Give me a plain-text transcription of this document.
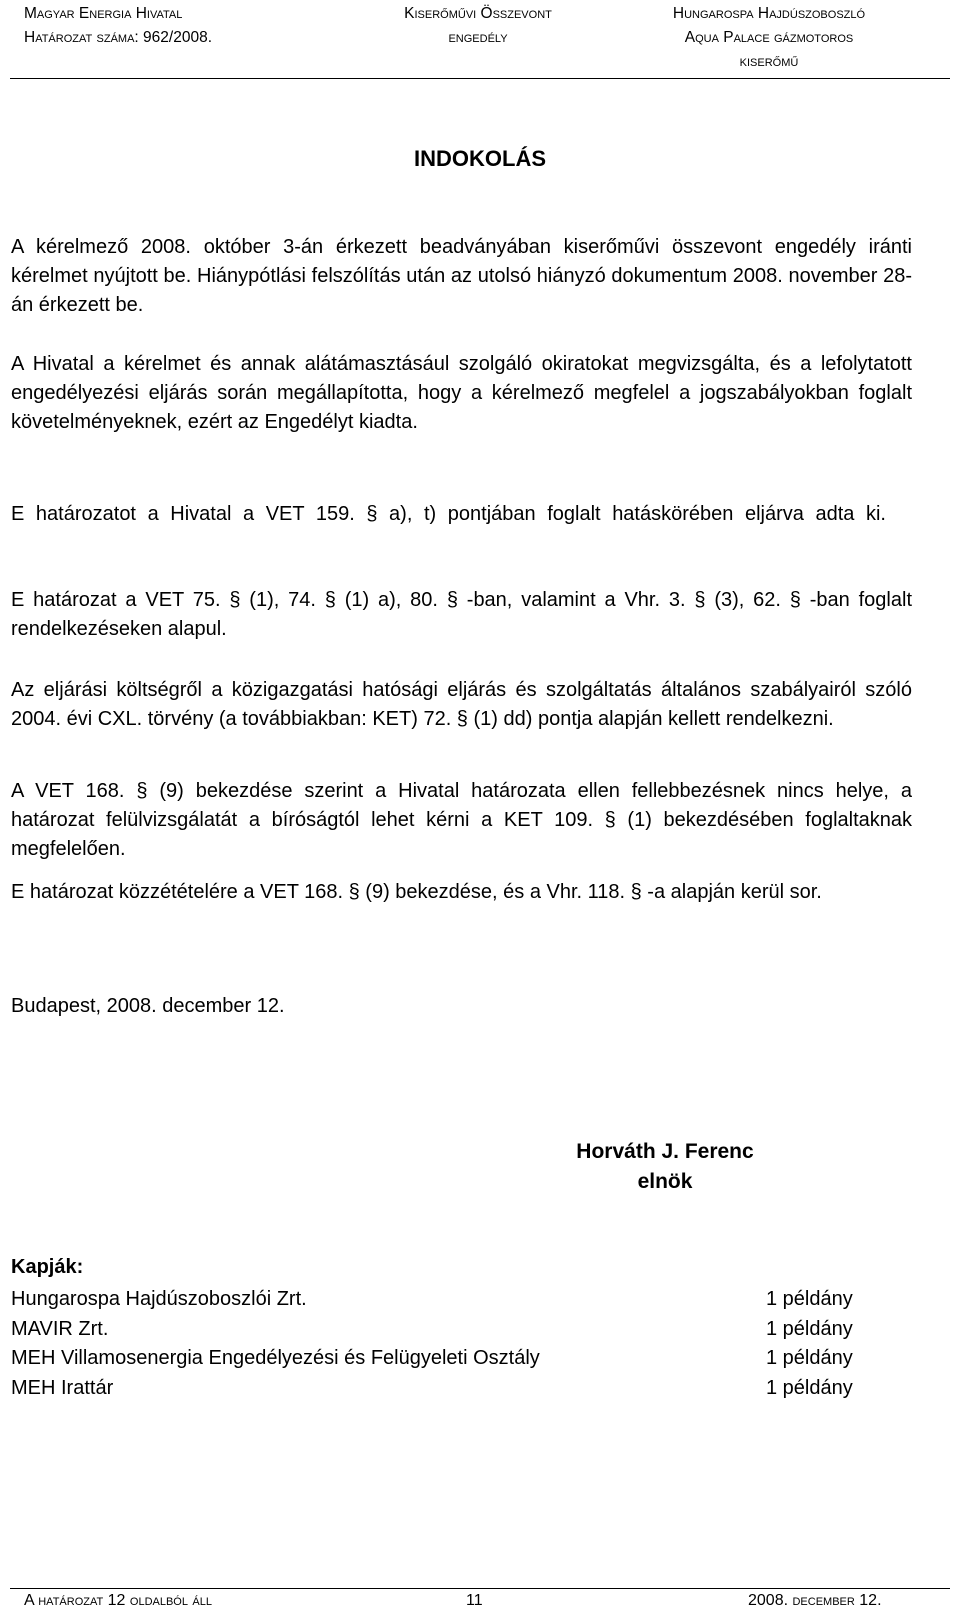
Magyar Energia Hivatal
Határozat száma: 962/2008.
Kiserőművi Összevont
engedély
Hungarospa Hajdúszoboszló
Aqua Palace gázmotoros
kiserőmű
INDOKOLÁS
A kérelmező 2008. október 3-án érkezett beadványában kiserőművi összevont engedély iránti kérelmet nyújtott be. Hiánypótlási felszólítás után az utolsó hiányzó dokumentum 2008. november 28-án érkezett be.
A Hivatal a kérelmet és annak alátámasztásául szolgáló okiratokat megvizsgálta, és a lefolytatott engedélyezési eljárás során megállapította, hogy a kérelmező megfelel a jogszabályokban foglalt követelményeknek, ezért az Engedélyt kiadta.
E határozatot a Hivatal a VET 159. § a), t) pontjában foglalt hatáskörében eljárva adta ki.
E határozat a VET 75. § (1), 74. § (1) a), 80. § -ban, valamint a Vhr. 3. § (3), 62. § -ban foglalt rendelkezéseken alapul.
Az eljárási költségről a közigazgatási hatósági eljárás és szolgáltatás általános szabályairól szóló 2004. évi CXL. törvény (a továbbiakban: KET) 72. § (1) dd) pontja alapján kellett rendelkezni.
A VET 168. § (9) bekezdése szerint a Hivatal határozata ellen fellebbezésnek nincs helye, a határozat felülvizsgálatát a bíróságtól lehet kérni a KET 109. § (1) bekezdésében foglaltaknak megfelelően.
E határozat közzétételére a VET 168. § (9) bekezdése, és a Vhr. 118. § -a alapján kerül sor.
Budapest, 2008. december 12.
Horváth J. Ferenc
elnök
Kapják:
Hungarospa Hajdúszoboszlói Zrt.	1 példány
MAVIR Zrt.	1 példány
MEH Villamosenergia Engedélyezési és Felügyeleti Osztály	1 példány
MEH Irattár	1 példány
A határozat 12 oldalból áll	11	2008. december 12.
